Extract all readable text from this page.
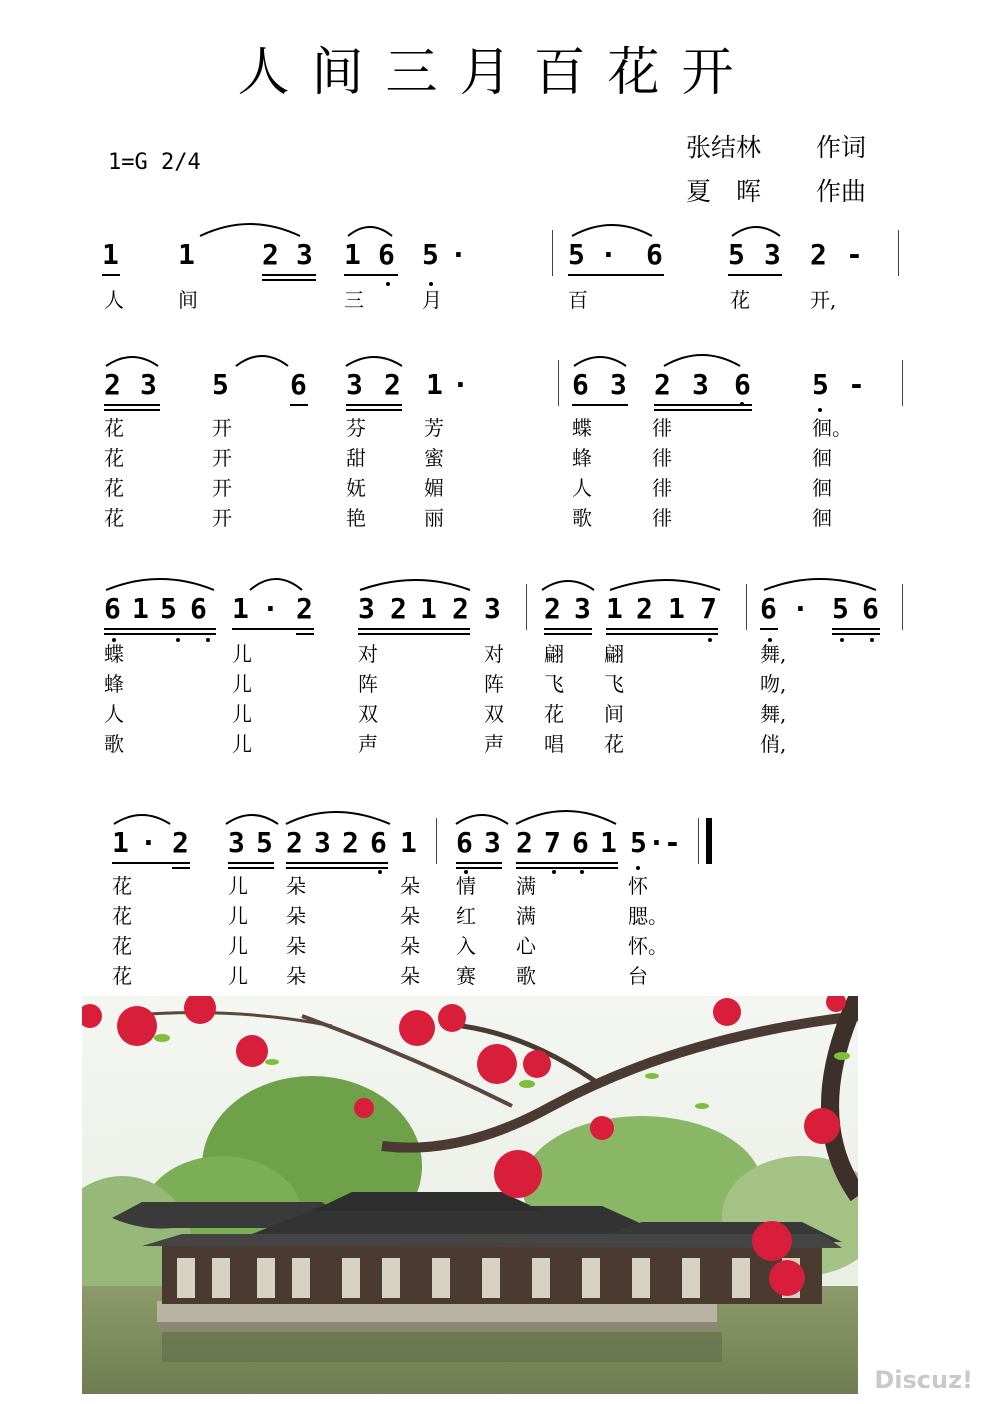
人间三月百花开
1=G 2/4
张结林 作词
夏　晖 作曲
1 1 2 3 1 6 5 ·	5 · 6 5 3 2 -
人	间	三	月	百	花	开,
2 3 5 6 3 2 1 ·	6 3 2 3 6 5 -
花	开	芬	芳	蝶	徘	徊。
花	开	甜	蜜	蜂	徘	徊
花	开	妩	媚	人	徘	徊
花	开	艳	丽	歌	徘	徊
6 1 5 6 1 · 2 3 2 1 2 3 2 3 1 2 1 7 6 · 5 6
蝶	儿	对	对 翩 翩	舞,
蜂	儿	阵	阵 飞 飞	吻,
人	儿	双	双 花 间	舞,
歌	儿	声	声 唱 花	俏,
1 · 2 3 5 2 3 2 6 1 6 3 2 7 6 1 5 · -
花	儿 朵	朵 情 满	怀
花	儿 朵	朵 红 满	腮。
花	儿 朵	朵 入 心	怀。
花	儿 朵	朵 赛 歌	台
Discuz!
